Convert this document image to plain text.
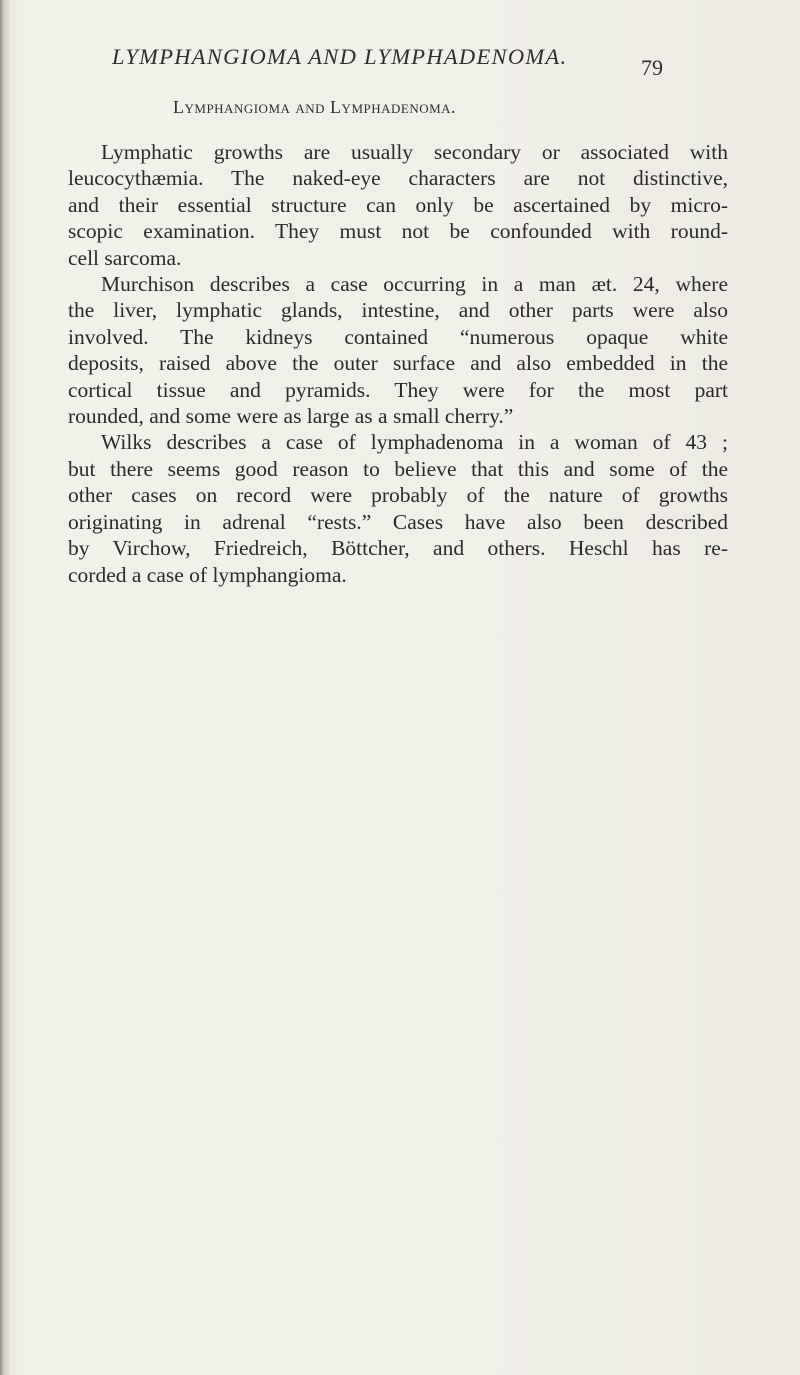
LYMPHANGIOMA AND LYMPHADENOMA.	79
Lymphangioma and Lymphadenoma.
Lymphatic growths are usually secondary or associated with
leucocythæmia. The naked-eye characters are not distinctive,
and their essential structure can only be ascertained by micro-
scopic examination. They must not be confounded with round-
cell sarcoma.
Murchison describes a case occurring in a man æt. 24, where
the liver, lymphatic glands, intestine, and other parts were also
involved. The kidneys contained “numerous opaque white
deposits, raised above the outer surface and also embedded in the
cortical tissue and pyramids. They were for the most part
rounded, and some were as large as a small cherry.”
Wilks describes a case of lymphadenoma in a woman of 43 ;
but there seems good reason to believe that this and some of the
other cases on record were probably of the nature of growths
originating in adrenal “rests.” Cases have also been described
by Virchow, Friedreich, Böttcher, and others. Heschl has re-
corded a case of lymphangioma.
